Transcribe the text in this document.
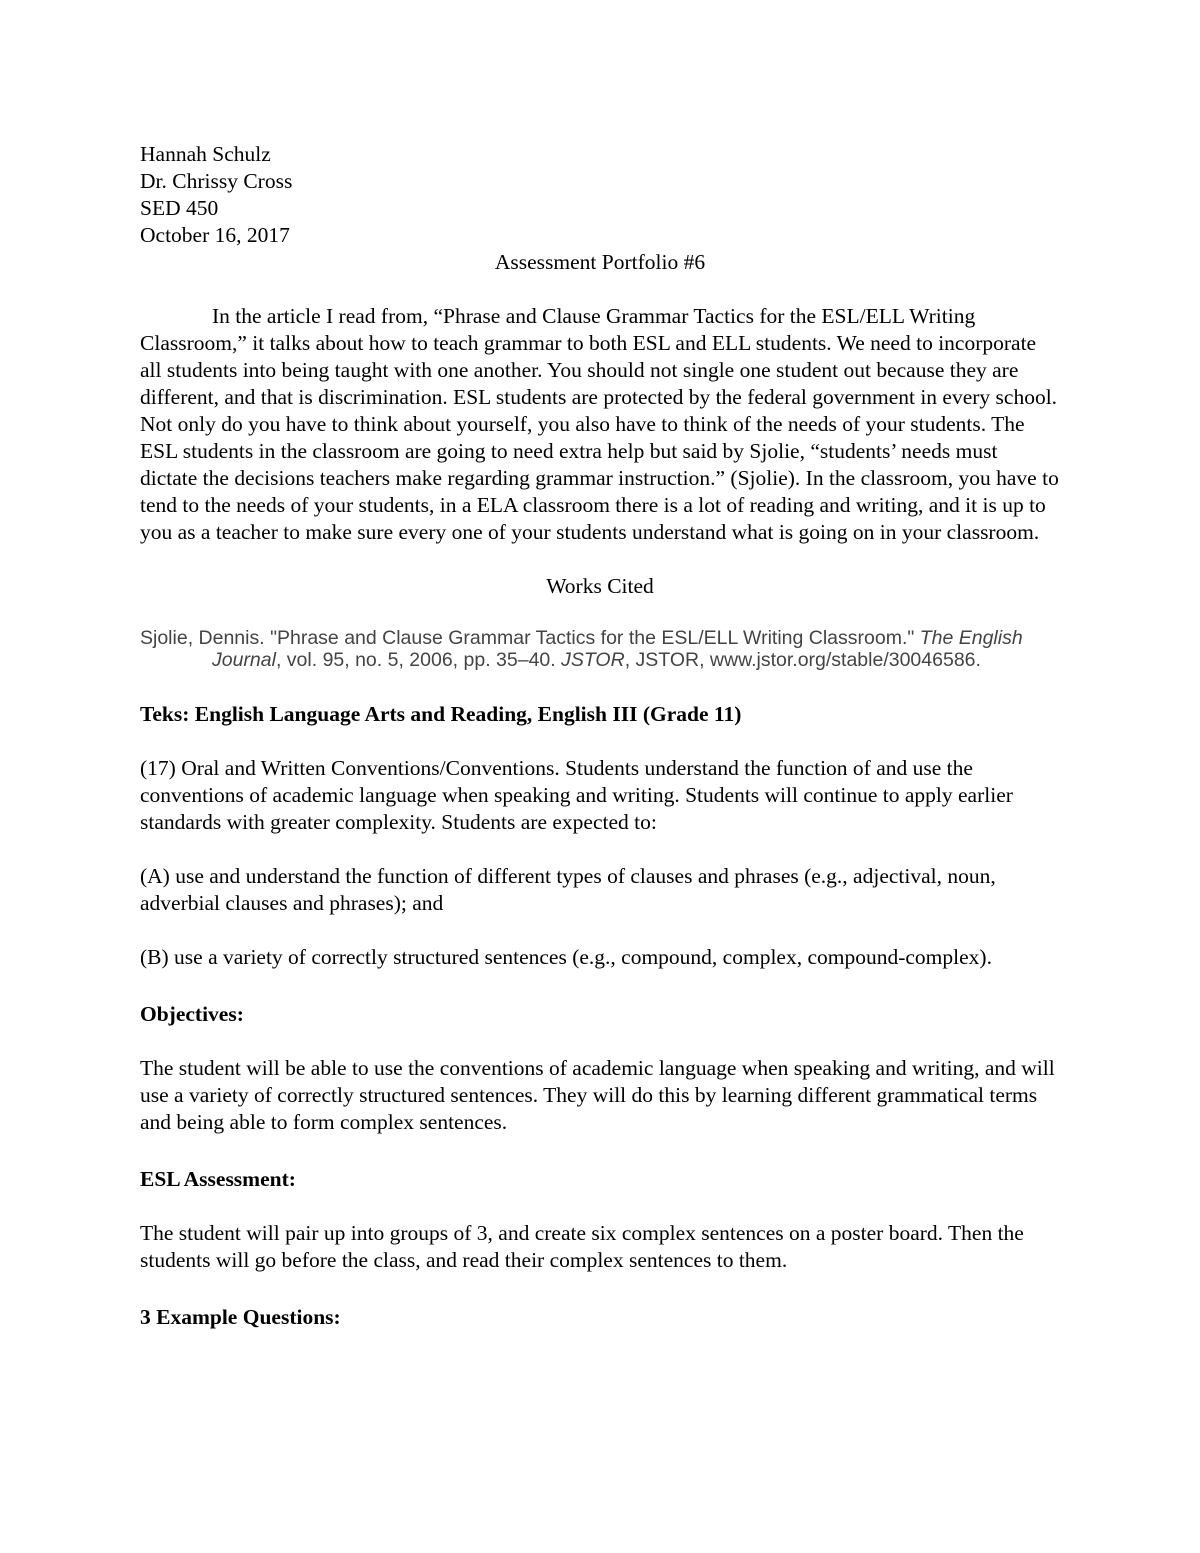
Hannah Schulz
Dr. Chrissy Cross
SED 450
October 16, 2017

Assessment Portfolio #6

In the article I read from, “Phrase and Clause Grammar Tactics for the ESL/ELL Writing Classroom,” it talks about how to teach grammar to both ESL and ELL students. We need to incorporate all students into being taught with one another. You should not single one student out because they are different, and that is discrimination. ESL students are protected by the federal government in every school. Not only do you have to think about yourself, you also have to think of the needs of your students. The ESL students in the classroom are going to need extra help but said by Sjolie, “students’ needs must dictate the decisions teachers make regarding grammar instruction.” (Sjolie). In the classroom, you have to tend to the needs of your students, in a ELA classroom there is a lot of reading and writing, and it is up to you as a teacher to make sure every one of your students understand what is going on in your classroom.

Works Cited

Sjolie, Dennis. "Phrase and Clause Grammar Tactics for the ESL/ELL Writing Classroom." The English Journal, vol. 95, no. 5, 2006, pp. 35–40. JSTOR, JSTOR, www.jstor.org/stable/30046586.

Teks: English Language Arts and Reading, English III (Grade 11)

(17) Oral and Written Conventions/Conventions. Students understand the function of and use the conventions of academic language when speaking and writing. Students will continue to apply earlier standards with greater complexity. Students are expected to:

(A) use and understand the function of different types of clauses and phrases (e.g., adjectival, noun, adverbial clauses and phrases); and

(B) use a variety of correctly structured sentences (e.g., compound, complex, compound-complex).

Objectives:

The student will be able to use the conventions of academic language when speaking and writing, and will use a variety of correctly structured sentences. They will do this by learning different grammatical terms and being able to form complex sentences.

ESL Assessment:

The student will pair up into groups of 3, and create six complex sentences on a poster board. Then the students will go before the class, and read their complex sentences to them.

3 Example Questions:
